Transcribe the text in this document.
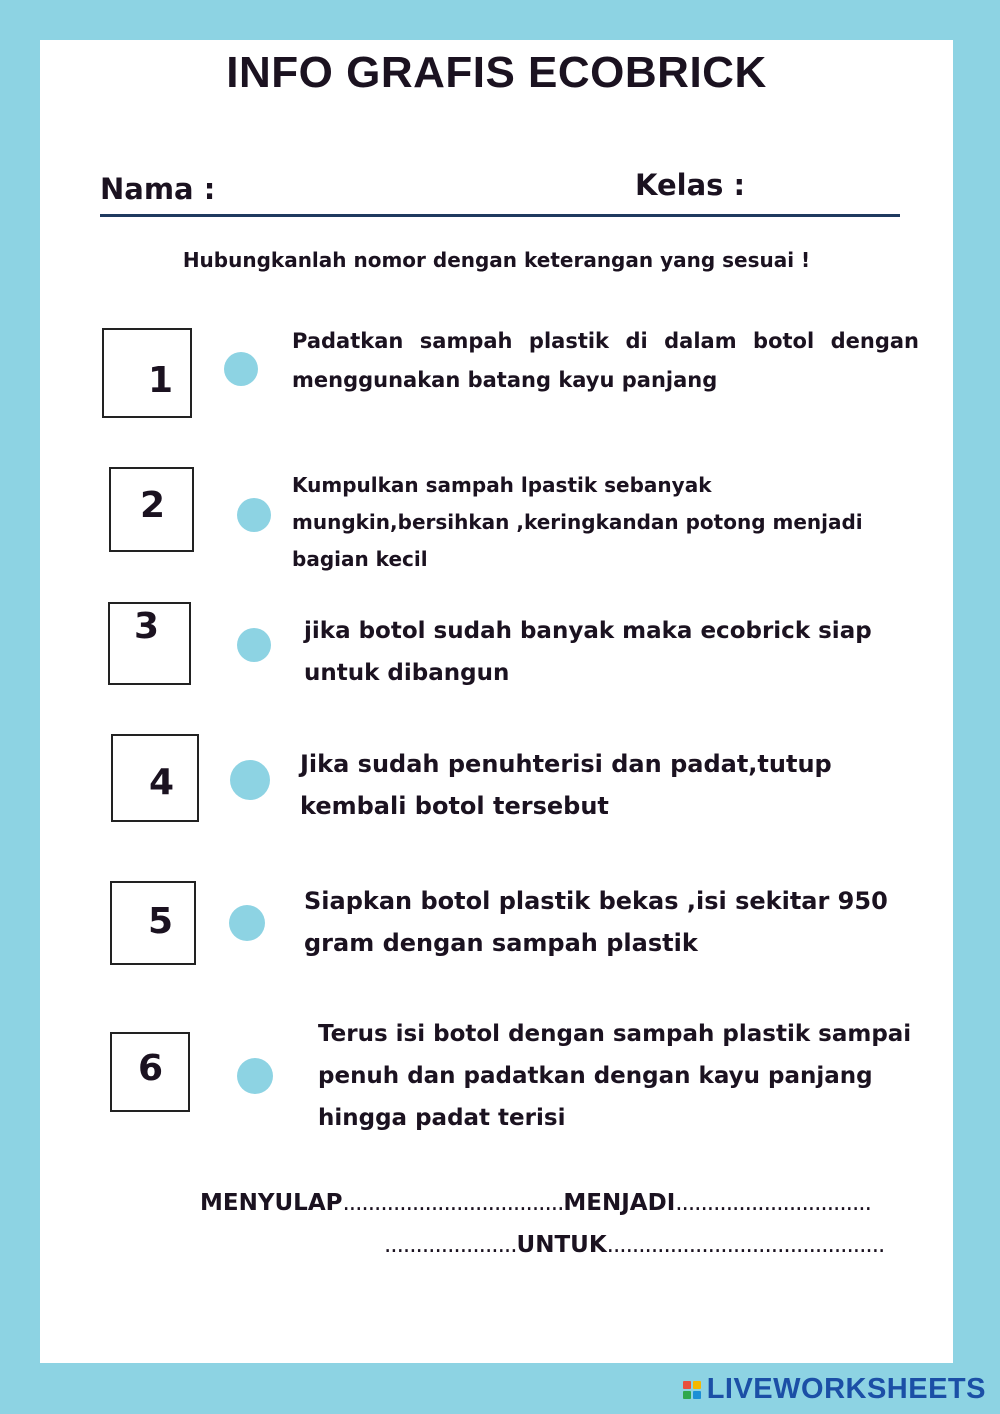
INFO GRAFIS ECOBRICK
Nama :	Kelas :
Hubungkanlah nomor dengan keterangan yang sesuai !
1
2
3
4
5
6
Padatkan sampah plastik di dalam botol dengan menggunakan batang kayu panjang
Kumpulkan sampah lpastik sebanyak mungkin,bersihkan ,keringkandan potong menjadi bagian kecil
jika botol sudah banyak maka ecobrick siap untuk dibangun
Jika sudah penuhterisi dan padat,tutup kembali botol tersebut
Siapkan botol plastik bekas ,isi sekitar 950 gram dengan sampah plastik
Terus isi botol dengan sampah plastik sampai penuh dan padatkan dengan kayu panjang hingga padat terisi
MENYULAP...................................MENJADI...............................
.....................UNTUK............................................
LIVEWORKSHEETS
